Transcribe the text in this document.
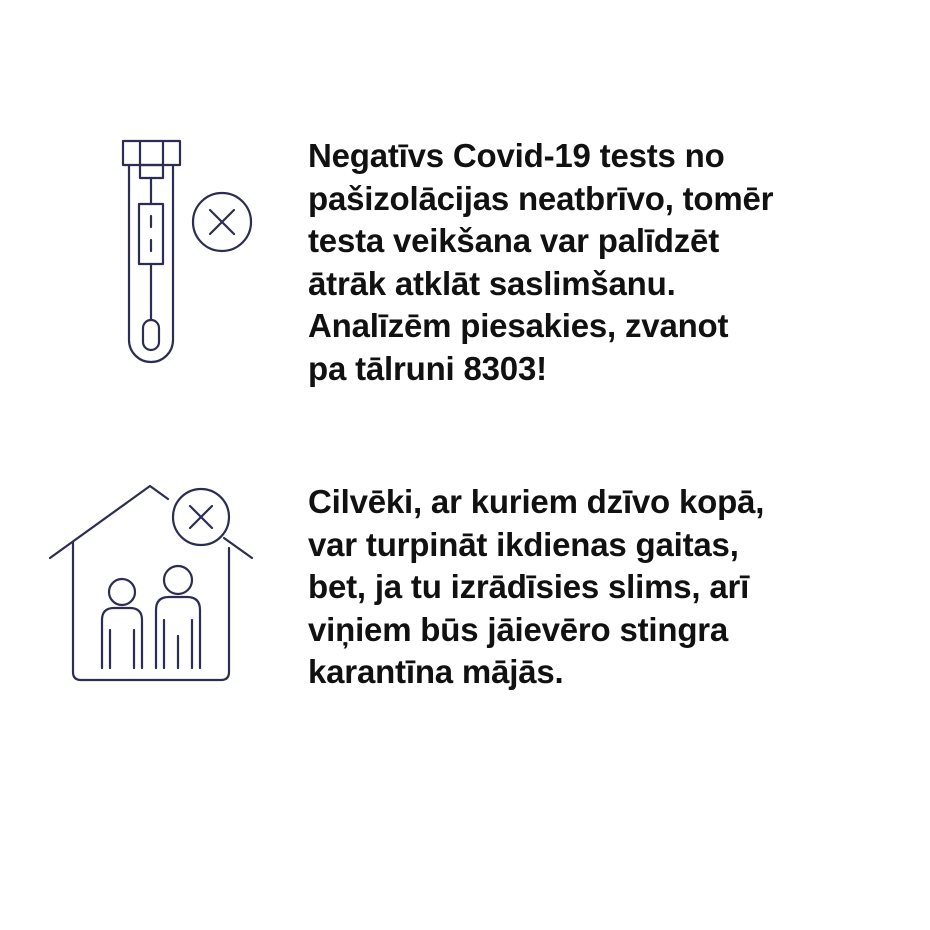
Negatīvs Covid-19 tests no
pašizolācijas neatbrīvo, tomēr
testa veikšana var palīdzēt
ātrāk atklāt saslimšanu.
Analīzēm piesakies, zvanot
pa tālruni 8303!

Cilvēki, ar kuriem dzīvo kopā,
var turpināt ikdienas gaitas,
bet, ja tu izrādīsies slims, arī
viņiem būs jāievēro stingra
karantīna mājās.
